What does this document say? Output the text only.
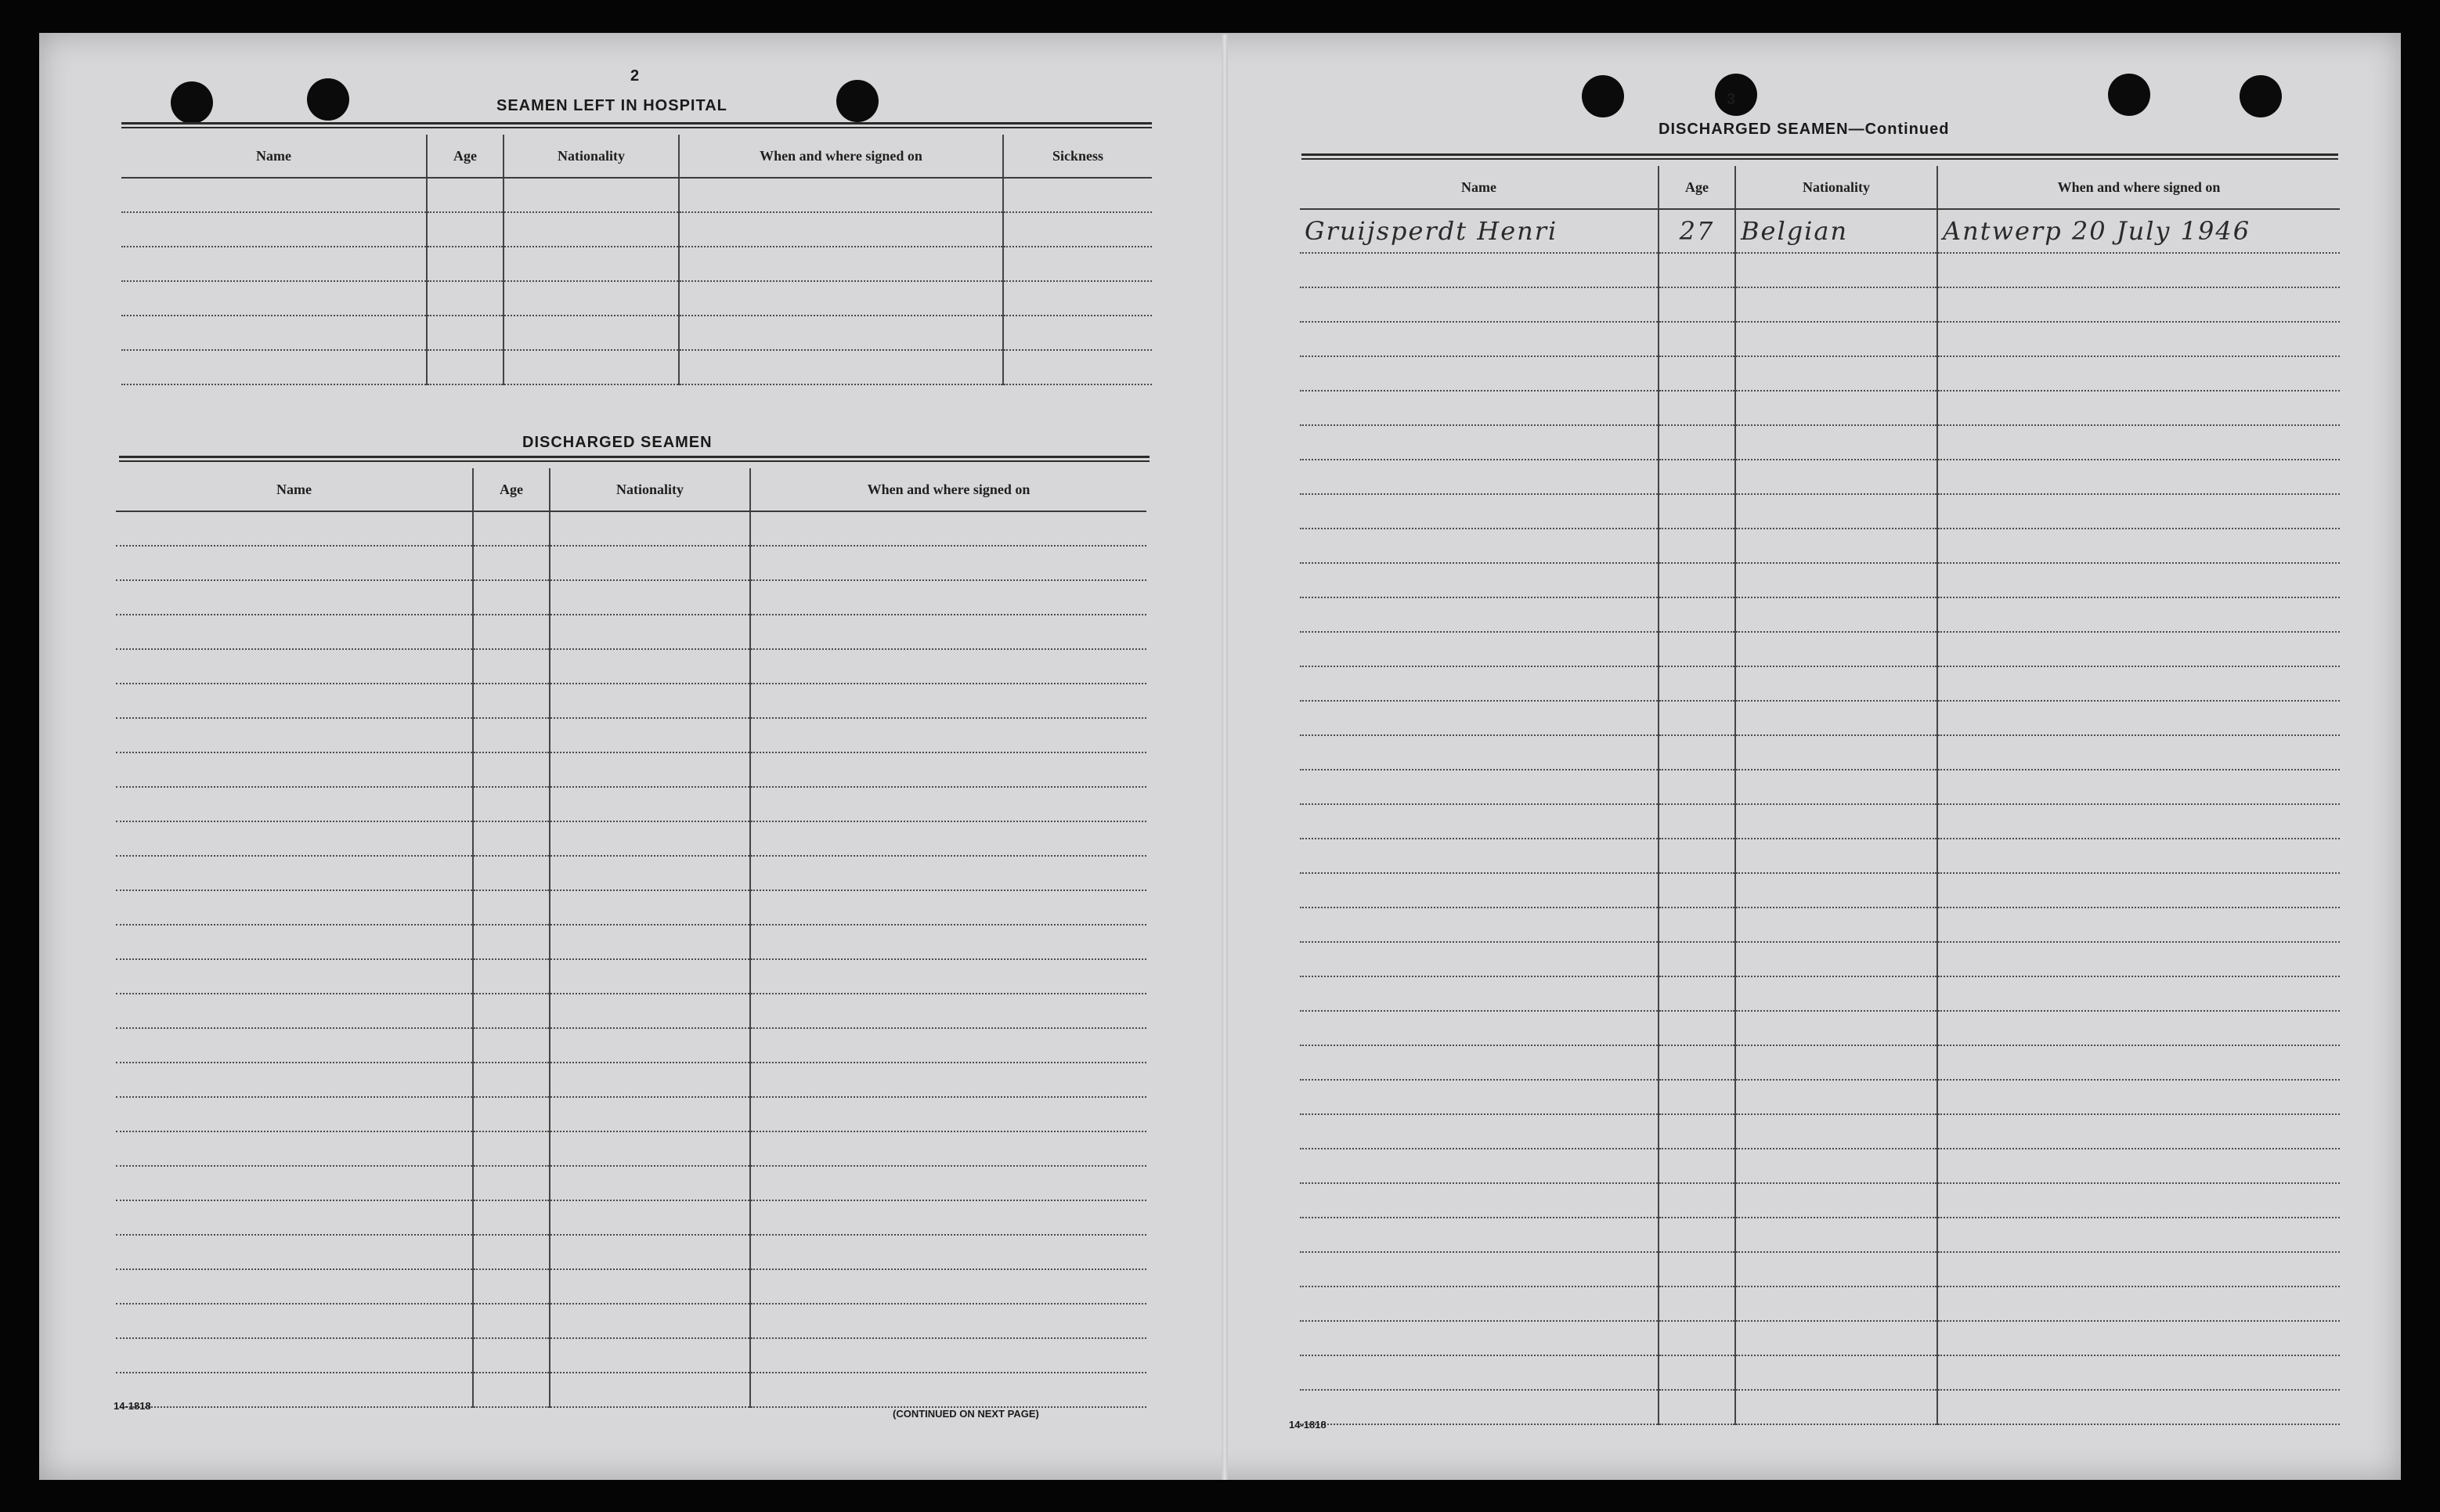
2
SEAMEN LEFT IN HOSPITAL
Name	Age	Nationality	When and where signed on	Sickness

DISCHARGED SEAMEN
Name	Age	Nationality	When and where signed on

14-1818
(CONTINUED ON NEXT PAGE)
3
DISCHARGED SEAMEN—Continued
Name	Age	Nationality	When and where signed on
Gruijsperdt Henri	27	Belgian	Antwerp 20 July 1946

14-1818
